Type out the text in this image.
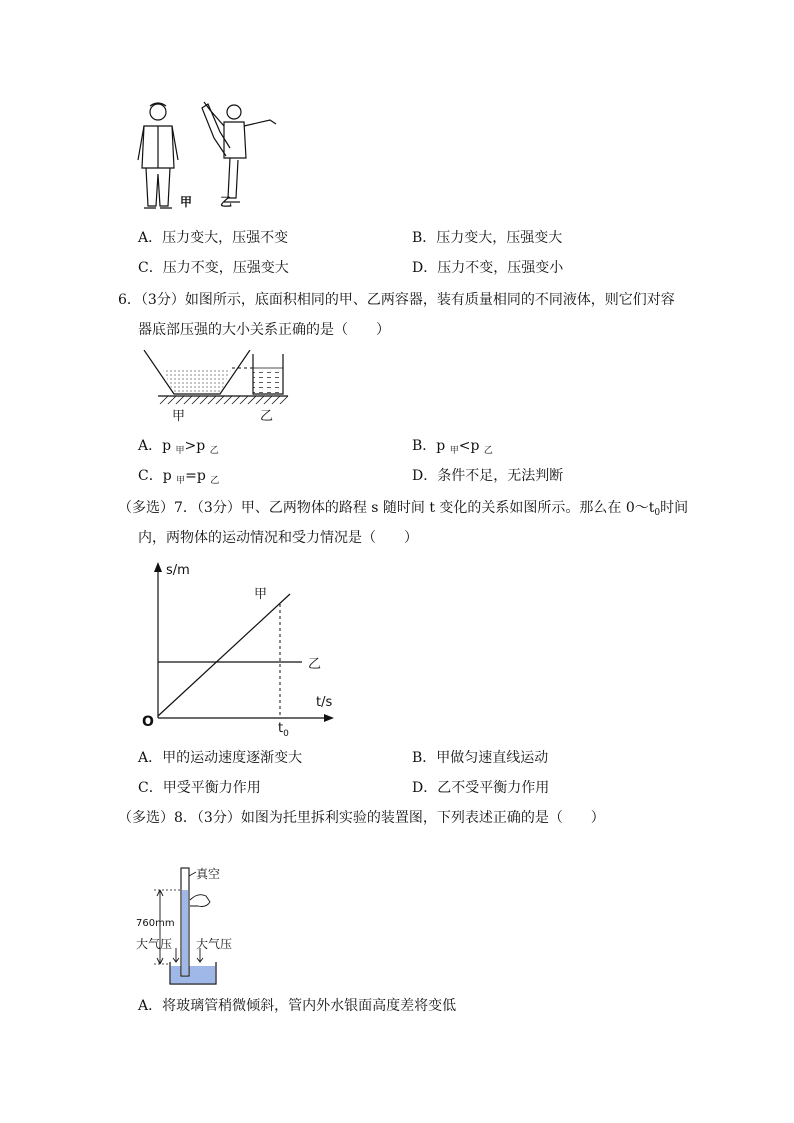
甲 乙
A．压力变大，压强不变	B．压力变大，压强变大
C．压力不变，压强变大	D．压力不变，压强变小
6．（3分）如图所示，底面积相同的甲、乙两容器，装有质量相同的不同液体，则它们对容
器底部压强的大小关系正确的是（　　）
甲	乙
A．p $_甲$>p $_乙$	B．p $_甲$<p $_乙$
C．p $_甲$=p $_乙$	D．条件不足，无法判断
（多选）7．（3分）甲、乙两物体的路程 s 随时间 t 变化的关系如图所示。那么在 $0\sim t_0$时间
内，两物体的运动情况和受力情况是（　　）
s/m
t/s
O	$t_0$
甲
乙
A．甲的运动速度逐渐变大	B．甲做匀速直线运动
C．甲受平衡力作用	D．乙不受平衡力作用
（多选）8．（3分）如图为托里拆利实验的装置图，下列表述正确的是（　　）
真空
760mm
大气压 大气压
A．将玻璃管稍微倾斜，管内外水银面高度差将变低
